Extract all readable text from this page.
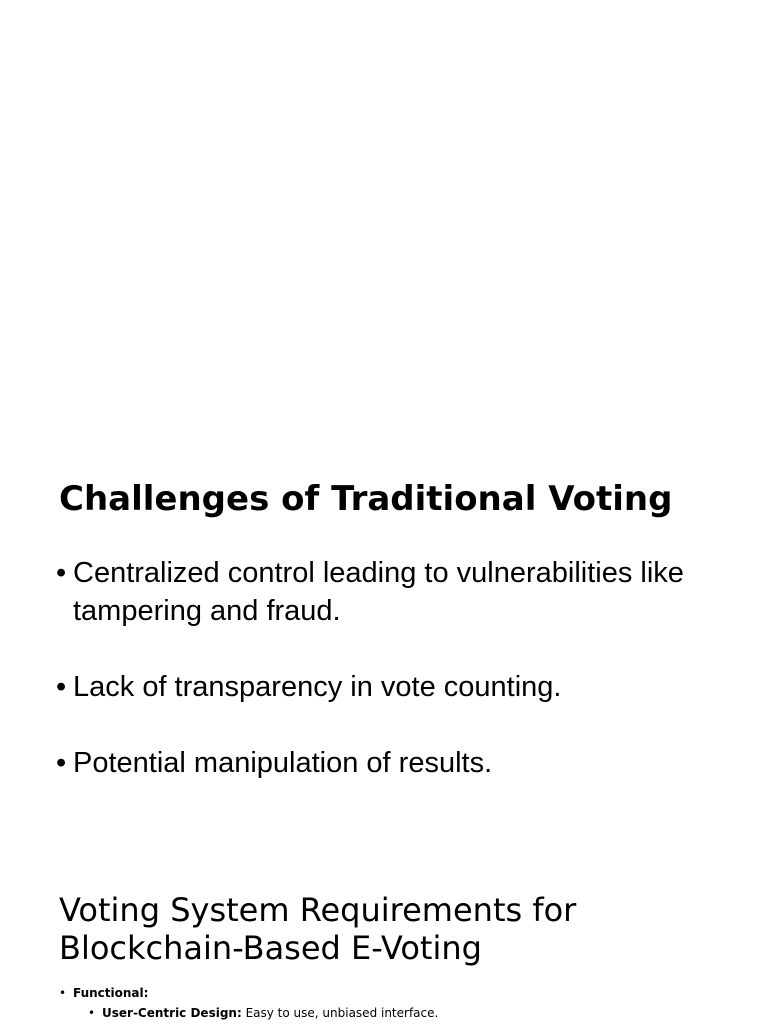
Challenges of Traditional Voting
• Centralized control leading to vulnerabilities like tampering and fraud.
• Lack of transparency in vote counting.
• Potential manipulation of results.
Voting System Requirements for Blockchain-Based E-Voting
• Functional:
• User-Centric Design: Easy to use, unbiased interface.
